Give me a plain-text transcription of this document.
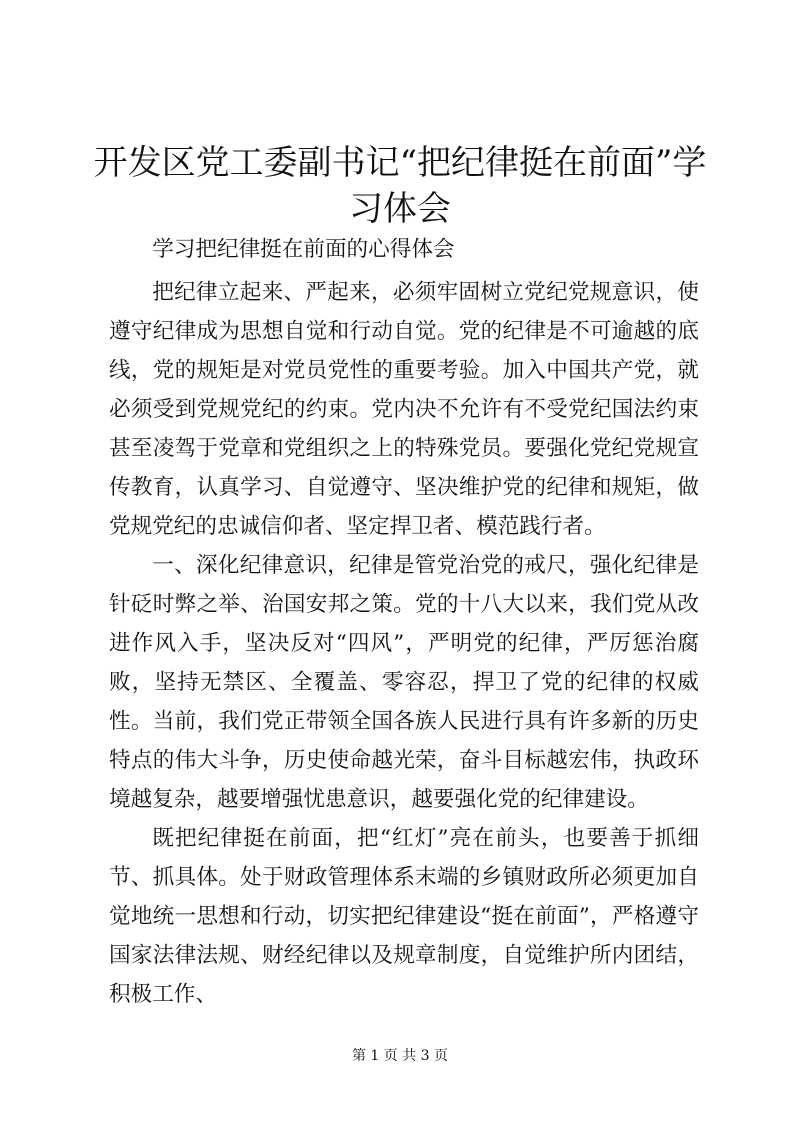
开发区党工委副书记“把纪律挺在前面”学习体会

学习把纪律挺在前面的心得体会

把纪律立起来、严起来，必须牢固树立党纪党规意识，使遵守纪律成为思想自觉和行动自觉。党的纪律是不可逾越的底线，党的规矩是对党员党性的重要考验。加入中国共产党，就必须受到党规党纪的约束。党内决不允许有不受党纪国法约束甚至凌驾于党章和党组织之上的特殊党员。要强化党纪党规宣传教育，认真学习、自觉遵守、坚决维护党的纪律和规矩，做党规党纪的忠诚信仰者、坚定捍卫者、模范践行者。

一、深化纪律意识，纪律是管党治党的戒尺，强化纪律是针砭时弊之举、治国安邦之策。党的十八大以来，我们党从改进作风入手，坚决反对“四风”，严明党的纪律，严厉惩治腐败，坚持无禁区、全覆盖、零容忍，捍卫了党的纪律的权威性。当前，我们党正带领全国各族人民进行具有许多新的历史特点的伟大斗争，历史使命越光荣，奋斗目标越宏伟，执政环境越复杂，越要增强忧患意识，越要强化党的纪律建设。

既把纪律挺在前面，把“红灯”亮在前头，也要善于抓细节、抓具体。处于财政管理体系末端的乡镇财政所必须更加自觉地统一思想和行动，切实把纪律建设“挺在前面”，严格遵守国家法律法规、财经纪律以及规章制度，自觉维护所内团结，积极工作、

第 1 页 共 3 页
